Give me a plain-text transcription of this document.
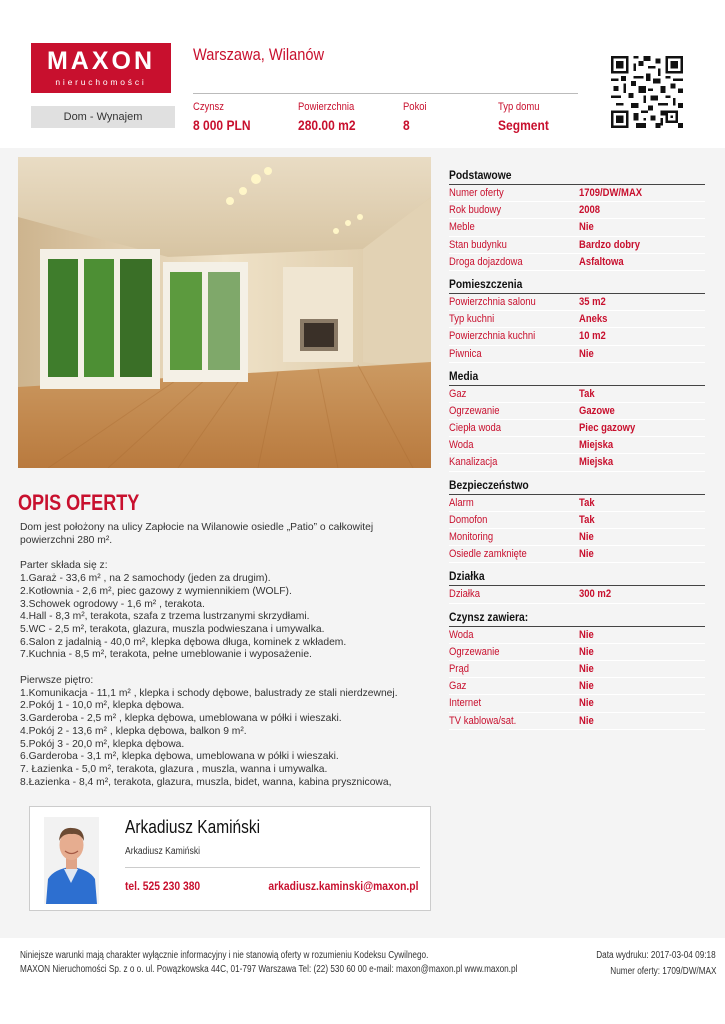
MAXON
nieruchomości
Warszawa, Wilanów
Dom - Wynajem
Czynsz
8 000 PLN
Powierzchnia
280.00 m2
Pokoi
8
Typ domu
Segment
OPIS OFERTY

Dom jest położony na ulicy Zapłocie na Wilanowie osiedle „Patio” o całkowitej powierzchni 280 m².

Parter składa się z:
1.Garaż - 33,6 m² , na 2 samochody (jeden za drugim).
2.Kotłownia - 2,6 m², piec gazowy z wymiennikiem (WOLF).
3.Schowek ogrodowy - 1,6 m² , terakota.
4.Hall - 8,3 m², terakota, szafa z trzema lustrzanymi skrzydłami.
5.WC - 2,5 m², terakota, glazura, muszla podwieszana i umywalka.
6.Salon z jadalnią - 40,0 m², klepka dębowa długa, kominek z wkładem.
7.Kuchnia - 8,5 m², terakota, pełne umeblowanie i wyposażenie.

Pierwsze piętro:
1.Komunikacja - 11,1 m² , klepka i schody dębowe, balustrady ze stali nierdzewnej.
2.Pokój 1 - 10,0 m², klepka dębowa.
3.Garderoba - 2,5 m² , klepka dębowa, umeblowana w półki i wieszaki.
4.Pokój 2 - 13,6 m² , klepka dębowa, balkon 9 m².
5.Pokój 3 - 20,0 m², klepka dębowa.
6.Garderoba - 3,1 m², klepka dębowa, umeblowana w półki i wieszaki.
7. Łazienka - 5,0 m², terakota, glazura , muszla, wanna i umywalka.
8.Łazienka - 8,4 m², terakota, glazura, muszla, bidet, wanna, kabina prysznicowa,

Podstawowe
Numer oferty	1709/DW/MAX
Rok budowy	2008
Meble	Nie
Stan budynku	Bardzo dobry
Droga dojazdowa	Asfaltowa
Pomieszczenia
Powierzchnia salonu	35 m2
Typ kuchni	Aneks
Powierzchnia kuchni	10 m2
Piwnica	Nie
Media
Gaz	Tak
Ogrzewanie	Gazowe
Ciepła woda	Piec gazowy
Woda	Miejska
Kanalizacja	Miejska
Bezpieczeństwo
Alarm	Tak
Domofon	Tak
Monitoring	Nie
Osiedle zamknięte	Nie
Działka
Działka	300 m2
Czynsz zawiera:
Woda	Nie
Ogrzewanie	Nie
Prąd	Nie
Gaz	Nie
Internet	Nie
TV kablowa/sat.	Nie
Arkadiusz Kamiński
Arkadiusz Kamiński
tel. 525 230 380	arkadiusz.kaminski@maxon.pl
Niniejsze warunki mają charakter wyłącznie informacyjny i nie stanowią oferty w rozumieniu Kodeksu Cywilnego.
MAXON Nieruchomości Sp. z o o. ul. Powązkowska 44C, 01-797 Warszawa Tel: (22) 530 60 00 e-mail: maxon@maxon.pl www.maxon.pl
Data wydruku: 2017-03-04 09:18
Numer oferty: 1709/DW/MAX
